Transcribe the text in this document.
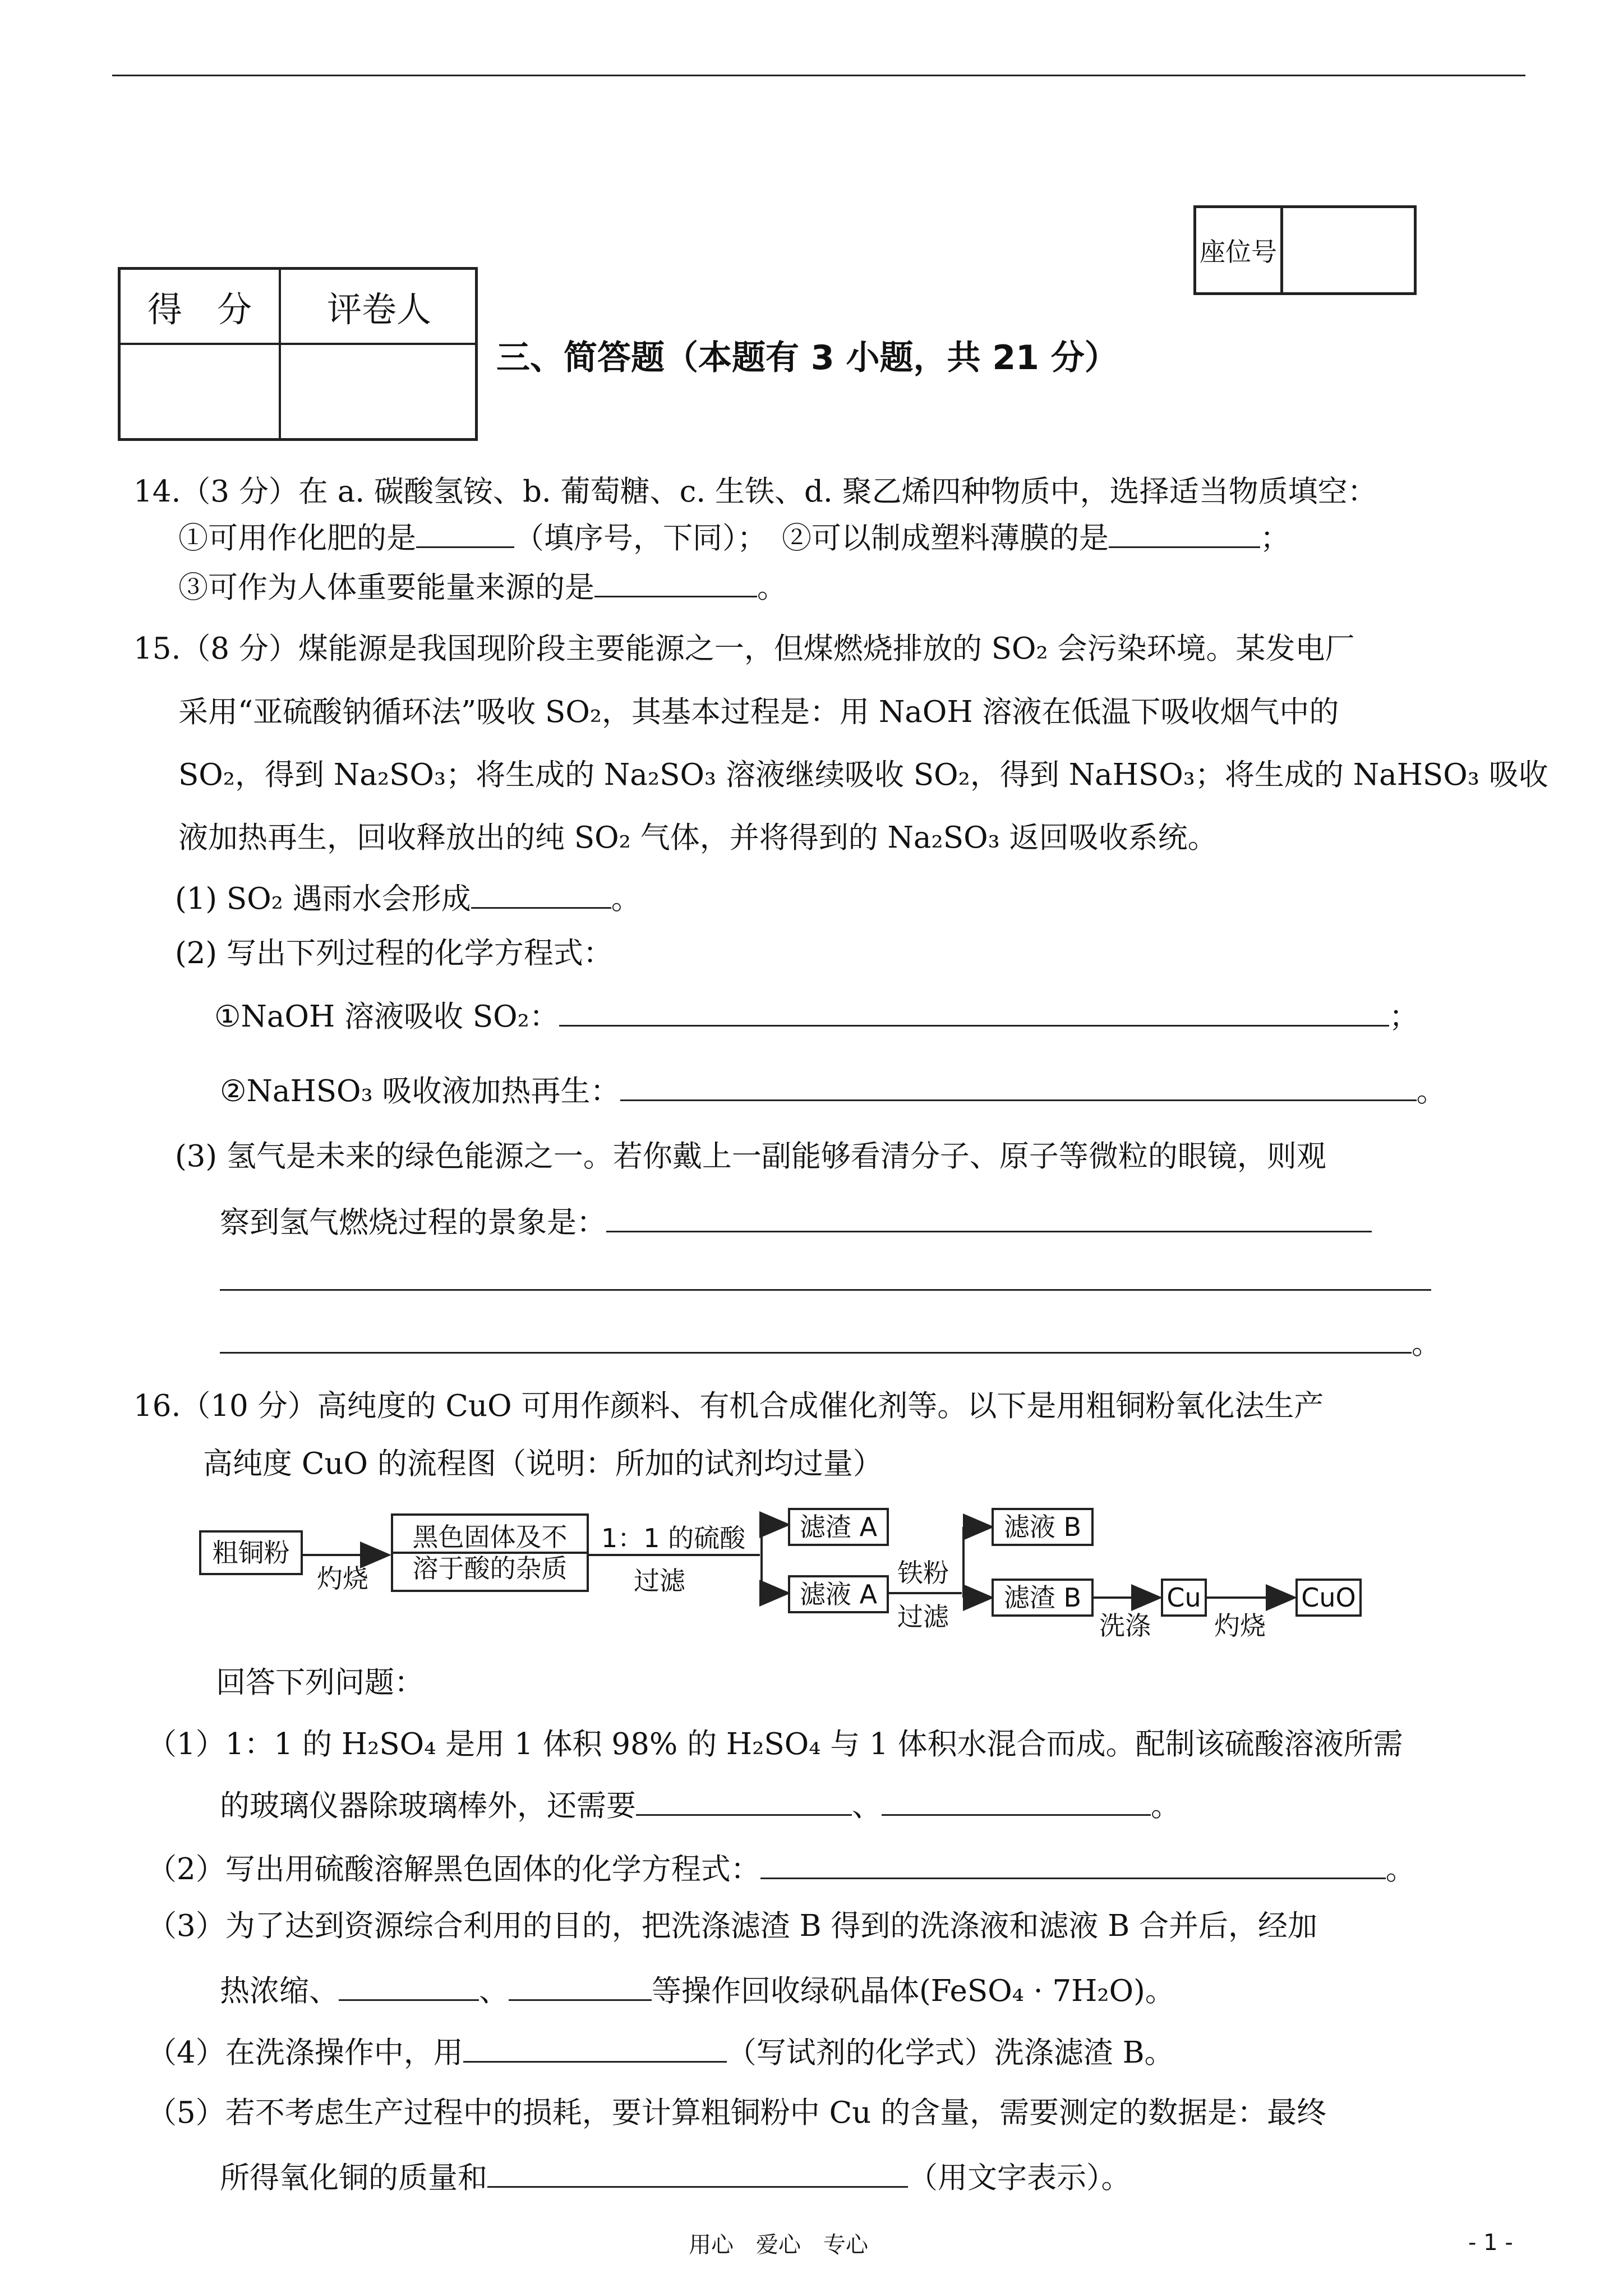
座位号
得　分	评卷人
三、简答题（本题有 3 小题，共 21 分）
14.（3 分）在 a. 碳酸氢铵、b. 葡萄糖、c. 生铁、d. 聚乙烯四种物质中，选择适当物质填空：
①可用作化肥的是	（填序号，下同）；　②可以制成塑料薄膜的是	；
③可作为人体重要能量来源的是	。
15.（8 分）煤能源是我国现阶段主要能源之一，但煤燃烧排放的 SO₂ 会污染环境。某发电厂
采用“亚硫酸钠循环法”吸收 SO₂，其基本过程是：用 NaOH 溶液在低温下吸收烟气中的
SO₂，得到 Na₂SO₃；将生成的 Na₂SO₃ 溶液继续吸收 SO₂，得到 NaHSO₃；将生成的 NaHSO₃ 吸收
液加热再生，回收释放出的纯 SO₂ 气体，并将得到的 Na₂SO₃ 返回吸收系统。
(1) SO₂ 遇雨水会形成	。
(2) 写出下列过程的化学方程式：
①NaOH 溶液吸收 SO₂：	；
②NaHSO₃ 吸收液加热再生：	。
(3) 氢气是未来的绿色能源之一。若你戴上一副能够看清分子、原子等微粒的眼镜，则观
察到氢气燃烧过程的景象是：
。
16.（10 分）高纯度的 CuO 可用作颜料、有机合成催化剂等。以下是用粗铜粉氧化法生产
高纯度 CuO 的流程图（说明：所加的试剂均过量）
粗铜粉
灼烧
黑色固体及不
溶于酸的杂质
1：1 的硫酸
过滤
滤渣 A
滤液 A
铁粉
过滤
滤液 B
滤渣 B
洗涤
Cu
灼烧
CuO
回答下列问题：
（1）1：1 的 H₂SO₄ 是用 1 体积 98% 的 H₂SO₄ 与 1 体积水混合而成。配制该硫酸溶液所需
的玻璃仪器除玻璃棒外，还需要	、	。
（2）写出用硫酸溶解黑色固体的化学方程式：	。
（3）为了达到资源综合利用的目的，把洗涤滤渣 B 得到的洗涤液和滤液 B 合并后，经加
热浓缩、	、	等操作回收绿矾晶体(FeSO₄ · 7H₂O)。
（4）在洗涤操作中，用	（写试剂的化学式）洗涤滤渣 B。
（5）若不考虑生产过程中的损耗，要计算粗铜粉中 Cu 的含量，需要测定的数据是：最终
所得氧化铜的质量和	（用文字表示）。
用心　爱心　专心	- 1 -
